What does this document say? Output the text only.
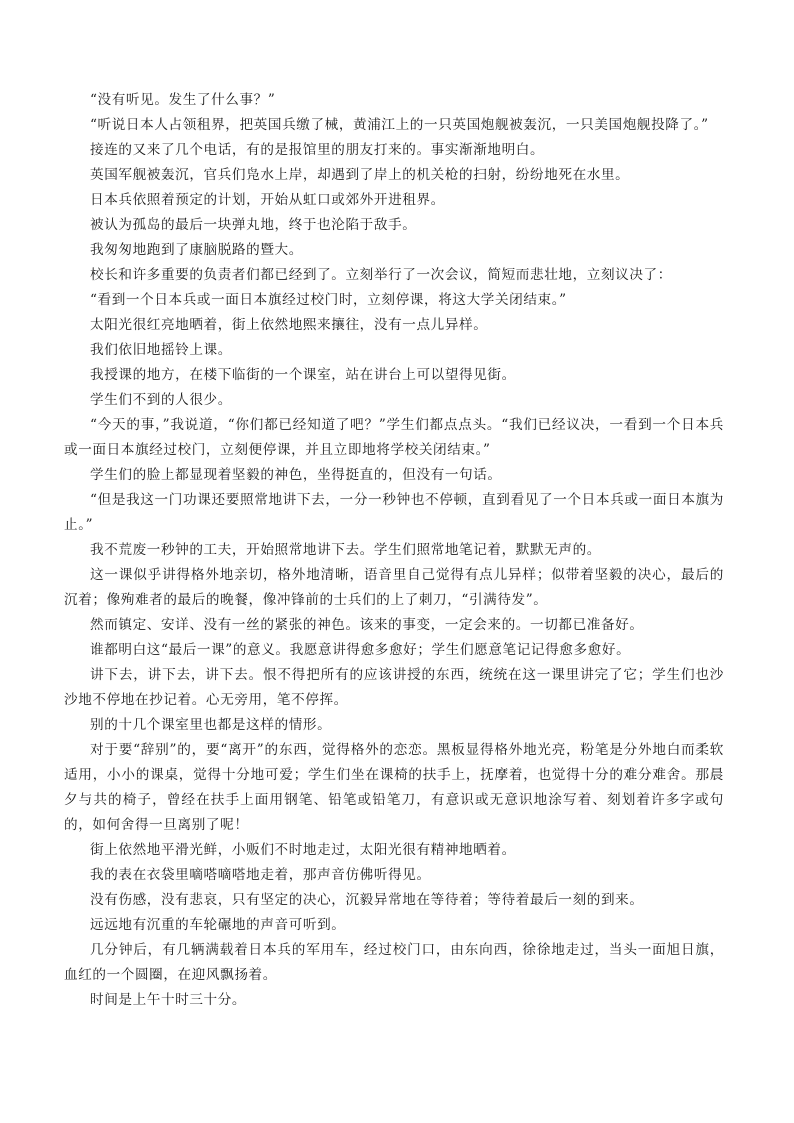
“没有听见。发生了什么事？”

“听说日本人占领租界，把英国兵缴了械，黄浦江上的一只英国炮舰被轰沉，一只美国炮舰投降了。”

接连的又来了几个电话，有的是报馆里的朋友打来的。事实渐渐地明白。

英国军舰被轰沉，官兵们凫水上岸，却遇到了岸上的机关枪的扫射，纷纷地死在水里。

日本兵依照着预定的计划，开始从虹口或郊外开进租界。

被认为孤岛的最后一块弹丸地，终于也沦陷于敌手。

我匆匆地跑到了康脑脱路的暨大。

校长和许多重要的负责者们都已经到了。立刻举行了一次会议，简短而悲壮地，立刻议决了：

“看到一个日本兵或一面日本旗经过校门时，立刻停课，将这大学关闭结束。”

太阳光很红亮地晒着，街上依然地熙来攘往，没有一点儿异样。

我们依旧地摇铃上课。

我授课的地方，在楼下临街的一个课室，站在讲台上可以望得见街。

学生们不到的人很少。

“今天的事，”我说道，“你们都已经知道了吧？”学生们都点点头。“我们已经议决，一看到一个日本兵或一面日本旗经过校门，立刻便停课，并且立即地将学校关闭结束。”

学生们的脸上都显现着坚毅的神色，坐得挺直的，但没有一句话。

“但是我这一门功课还要照常地讲下去，一分一秒钟也不停顿，直到看见了一个日本兵或一面日本旗为止。”

我不荒废一秒钟的工夫，开始照常地讲下去。学生们照常地笔记着，默默无声的。

这一课似乎讲得格外地亲切，格外地清晰，语音里自己觉得有点儿异样；似带着坚毅的决心，最后的沉着；像殉难者的最后的晚餐，像冲锋前的士兵们的上了刺刀，“引满待发”。

然而镇定、安详、没有一丝的紧张的神色。该来的事变，一定会来的。一切都已准备好。

谁都明白这“最后一课”的意义。我愿意讲得愈多愈好；学生们愿意笔记记得愈多愈好。

讲下去，讲下去，讲下去。恨不得把所有的应该讲授的东西，统统在这一课里讲完了它；学生们也沙沙地不停地在抄记着。心无旁用，笔不停挥。

别的十几个课室里也都是这样的情形。

对于要“辞别”的，要“离开”的东西，觉得格外的恋恋。黑板显得格外地光亮，粉笔是分外地白而柔软适用，小小的课桌，觉得十分地可爱；学生们坐在课椅的扶手上，抚摩着，也觉得十分的难分难舍。那晨夕与共的椅子，曾经在扶手上面用钢笔、铅笔或铅笔刀，有意识或无意识地涂写着、刻划着许多字或句的，如何舍得一旦离别了呢！

街上依然地平滑光鲜，小贩们不时地走过，太阳光很有精神地晒着。

我的表在衣袋里嘀嗒嘀嗒地走着，那声音仿佛听得见。

没有伤感，没有悲哀，只有坚定的决心，沉毅异常地在等待着；等待着最后一刻的到来。

远远地有沉重的车轮碾地的声音可听到。

几分钟后，有几辆满载着日本兵的军用车，经过校门口，由东向西，徐徐地走过，当头一面旭日旗，血红的一个圆圈，在迎风飘扬着。

时间是上午十时三十分。
